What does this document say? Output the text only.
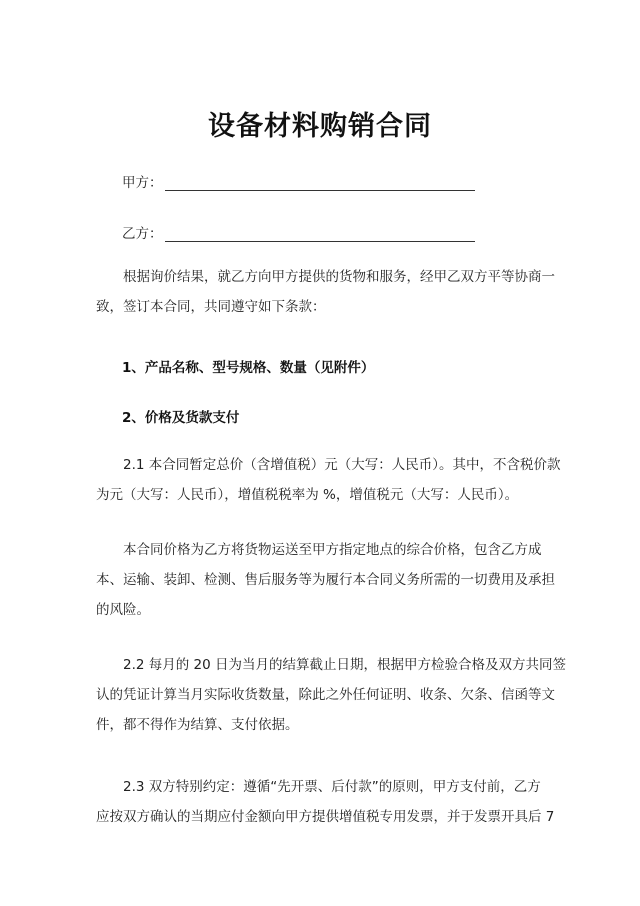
设备材料购销合同
甲方：
乙方：
根据询价结果，就乙方向甲方提供的货物和服务，经甲乙双方平等协商一
致，签订本合同，共同遵守如下条款：
1、产品名称、型号规格、数量（见附件）
2、价格及货款支付
2.1 本合同暂定总价（含增值税）元（大写：人民币）。其中，不含税价款
为元（大写：人民币），增值税税率为 %，增值税元（大写：人民币）。
本合同价格为乙方将货物运送至甲方指定地点的综合价格，包含乙方成
本、运输、装卸、检测、售后服务等为履行本合同义务所需的一切费用及承担
的风险。
2.2 每月的 20 日为当月的结算截止日期，根据甲方检验合格及双方共同签
认的凭证计算当月实际收货数量，除此之外任何证明、收条、欠条、信函等文
件，都不得作为结算、支付依据。
2.3 双方特别约定：遵循“先开票、后付款”的原则，甲方支付前，乙方
应按双方确认的当期应付金额向甲方提供增值税专用发票，并于发票开具后 7
